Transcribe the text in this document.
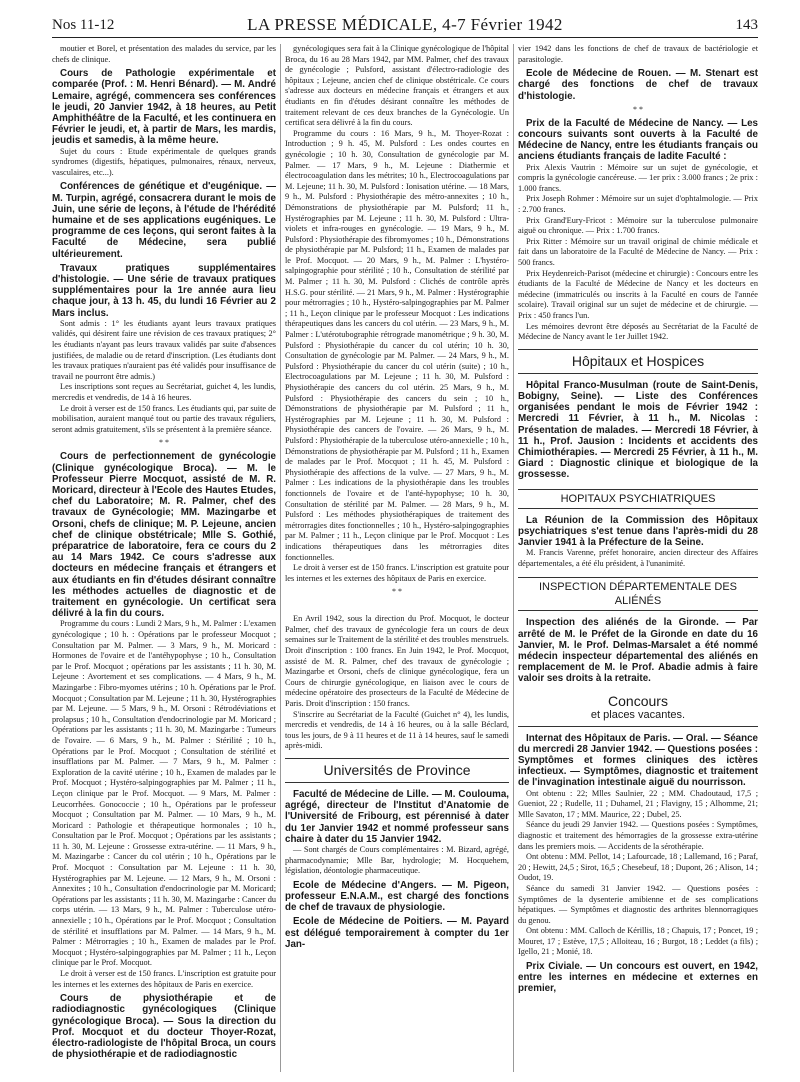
Nos 11-12	LA PRESSE MÉDICALE, 4-7 Février 1942	143

moutier et Borel, et présentation des malades du service, par les chefs de clinique.

Cours de Pathologie expérimentale et comparée (Prof. : M. Henri Bénard). — M. André Lemaire, agrégé, commencera ses conférences le jeudi, 20 Janvier 1942, à 18 heures, au Petit Amphithéâtre de la Faculté, et les continuera en Février le jeudi, et, à partir de Mars, les mardis, jeudis et samedis, à la même heure.

Sujet du cours : Etude expérimentale de quelques grands syndromes (digestifs, hépatiques, pulmonaires, rénaux, nerveux, vasculaires, etc...).

Conférences de génétique et d'eugénique. — M. Turpin, agrégé, consacrera durant le mois de Juin, une série de leçons, à l'étude de l'hérédité humaine et de ses applications eugéniques. Le programme de ces leçons, qui seront faites à la Faculté de Médecine, sera publié ultérieurement.

Travaux pratiques supplémentaires d'histologie. — Une série de travaux pratiques supplémentaires pour la 1re année aura lieu chaque jour, à 13 h. 45, du lundi 16 Février au 2 Mars inclus.

Sont admis : 1° les étudiants ayant leurs travaux pratiques validés, qui désirent faire une révision de ces travaux pratiques; 2° les étudiants n'ayant pas leurs travaux validés par suite d'absences justifiées, de maladie ou de retard d'inscription. (Les étudiants dont les travaux pratiques n'auraient pas été validés pour insuffisance de travail ne pourront être admis.)

Les inscriptions sont reçues au Secrétariat, guichet 4, les lundis, mercredis et vendredis, de 14 à 16 heures.

Le droit à verser est de 150 francs. Les étudiants qui, par suite de mobilisation, auraient manqué tout ou partie des travaux réguliers, seront admis gratuitement, s'ils se présentent à la première séance.

* *

Cours de perfectionnement de gynécologie (Clinique gynécologique Broca). — M. le Professeur Pierre Mocquot, assisté de M. R. Moricard, directeur à l'Ecole des Hautes Etudes, chef du Laboratoire; M. R. Palmer, chef des travaux de Gynécologie; MM. Mazingarbe et Orsoni, chefs de clinique; M. P. Lejeune, ancien chef de clinique obstétricale; Mlle S. Gothié, préparatrice de laboratoire, fera ce cours du 2 au 14 Mars 1942. Ce cours s'adresse aux docteurs en médecine français et étrangers et aux étudiants en fin d'études désirant connaître les méthodes actuelles de diagnostic et de traitement en gynécologie. Un certificat sera délivré à la fin du cours.

Programme du cours : Lundi 2 Mars, 9 h., M. Palmer : L'examen gynécologique ; 10 h. : Opérations par le professeur Mocquot ; Consultation par M. Palmer. — 3 Mars, 9 h., M. Moricard : Hormones de l'ovaire et de l'antéhypophyse ; 10 h., Consultation par le Prof. Mocquot ; opérations par les assistants ; 11 h. 30, M. Lejeune : Avortement et ses complications. — 4 Mars, 9 h., M. Mazingarbe : Fibro-myomes utérins ; 10 h. Opérations par le Prof. Mocquot ; Consultation par M. Lejeune ; 11 h. 30, Hystérographies par M. Lejeune. — 5 Mars, 9 h., M. Orsoni : Rétrodéviations et prolapsus ; 10 h., Consultation d'endocrinologie par M. Moricard ; Opérations par les assistants ; 11 h. 30, M. Mazingarbe : Tumeurs de l'ovaire. — 6 Mars, 9 h., M. Palmer : Stérilité ; 10 h., Opérations par le Prof. Mocquot ; Consultation de stérilité et insufflations par M. Palmer. — 7 Mars, 9 h., M. Palmer : Exploration de la cavité utérine ; 10 h., Examen de malades par le Prof. Mocquot ; Hystéro-salpingographies par M. Palmer ; 11 h., Leçon clinique par le Prof. Mocquot. — 9 Mars, M. Palmer : Leucorrhées. Gonococcie ; 10 h., Opérations par le professeur Mocquot ; Consultation par M. Palmer. — 10 Mars, 9 h., M. Moricard : Pathologie et thérapeutique hormonales ; 10 h., Consultation par le Prof. Mocquot ; Opérations par les assistants ; 11 h. 30, M. Lejeune : Grossesse extra-utérine. — 11 Mars, 9 h., M. Mazingarbe : Cancer du col utérin ; 10 h., Opérations par le Prof. Mocquot : Consultation par M. Lejeune : 11 h. 30, Hystérographies par M. Lejeune. — 12 Mars, 9 h., M. Orsoni : Annexites ; 10 h., Consultation d'endocrinologie par M. Moricard; Opérations par les assistants ; 11 h. 30, M. Mazingarbe : Cancer du corps utérin. — 13 Mars, 9 h., M. Palmer : Tuberculose utéro-annexielle ; 10 h., Opérations par le Prof. Mocquot ; Consultation de stérilité et insufflations par M. Palmer. — 14 Mars, 9 h., M. Palmer : Métrorragies ; 10 h., Examen de malades par le Prof. Mocquot ; Hystéro-salpingographies par M. Palmer ; 11 h., Leçon clinique par le Prof. Mocquot.

Le droit à verser est de 150 francs. L'inscription est gratuite pour les internes et les externes des hôpitaux de Paris en exercice.

Cours de physiothérapie et de radiodiagnostic gynécologiques (Clinique gynécologique Broca). — Sous la direction du Prof. Mocquot et du docteur Thoyer-Rozat, électro-radiologiste de l'hôpital Broca, un cours de physiothérapie et de radiodiagnostic

gynécologiques sera fait à la Clinique gynécologique de l'hôpital Broca, du 16 au 28 Mars 1942, par MM. Palmer, chef des travaux de gynécologie ; Pulsford, assistant d'électro-radiologie des hôpitaux ; Lejeune, ancien chef de clinique obstétricale. Ce cours s'adresse aux docteurs en médecine français et étrangers et aux étudiants en fin d'études désirant connaître les méthodes de traitement relevant de ces deux branches de la Gynécologie. Un certificat sera délivré à la fin du cours.

Programme du cours : 16 Mars, 9 h., M. Thoyer-Rozat : Introduction ; 9 h. 45, M. Pulsford : Les ondes courtes en gynécologie ; 10 h. 30, Consultation de gynécologie par M. Palmer. — 17 Mars, 9 h., M. Lejeune : Diathermie et électrocoagulation dans les métrites; 10 h., Electrocoagulations par M. Lejeune; 11 h. 30, M. Pulsford : Ionisation utérine. — 18 Mars, 9 h., M. Pulsford : Physiothérapie des métro-annexites ; 10 h., Démonstrations de physiothérapie par M. Pulsford; 11 h., Hystérographies par M. Lejeune ; 11 h. 30, M. Pulsford : Ultra-violets et infra-rouges en gynécologie. — 19 Mars, 9 h., M. Pulsford : Physiothérapie des fibromyomes ; 10 h., Démonstrations de physiothérapie par M. Pulsford; 11 h., Examen de malades par le Prof. Mocquot. — 20 Mars, 9 h., M. Palmer : L'hystéro-salpingographie pour stérilité ; 10 h., Consultation de stérilité par M. Palmer ; 11 h. 30, M. Pulsford : Clichés de contrôle après H.S.G. pour stérilité. — 21 Mars, 9 h., M. Palmer : Hystérographie pour métrorragies ; 10 h., Hystéro-salpingographies par M. Palmer ; 11 h., Leçon clinique par le professeur Mocquot : Les indications thérapeutiques dans les cancers du col utérin. — 23 Mars, 9 h., M. Palmer : L'utérotubographie rétrograde manométrique ; 9 h. 30, M. Pulsford : Physiothérapie du cancer du col utérin; 10 h. 30, Consultation de gynécologie par M. Palmer. — 24 Mars, 9 h., M. Pulsford : Physiothérapie du cancer du col utérin (suite) ; 10 h., Electrocoagulations par M. Lejeune ; 11 h. 30, M. Pulsford : Physiothérapie des cancers du col utérin. 25 Mars, 9 h., M. Pulsford : Physiothérapie des cancers du sein ; 10 h., Démonstrations de physiothérapie par M. Pulsford ; 11 h., Hystérographies par M. Lejeune ; 11 h. 30, M. Pulsford : Physiothérapie des cancers de l'ovaire. — 26 Mars, 9 h., M. Pulsford : Physiothérapie de la tuberculose utéro-annexielle ; 10 h., Démonstrations de physiothérapie par M. Pulsford ; 11 h., Examen de malades par le Prof. Mocquot ; 11 h. 45, M. Pulsford : Physiothérapie des affections de la vulve. — 27 Mars, 9 h., M. Palmer : Les indications de la physiothérapie dans les troubles fonctionnels de l'ovaire et de l'anté-hypophyse; 10 h. 30, Consultation de stérilité par M. Palmer. — 28 Mars, 9 h., M. Pulsford : Les méthodes physiothérapiques de traitement des métrorragies dites fonctionnelles ; 10 h., Hystéro-salpingographies par M. Palmer ; 11 h., Leçon clinique par le Prof. Mocquot : Les indications thérapeutiques dans les métrorragies dites fonctionnelles.

Le droit à verser est de 150 francs. L'inscription est gratuite pour les internes et les externes des hôpitaux de Paris en exercice.

* *

En Avril 1942, sous la direction du Prof. Mocquot, le docteur Palmer, chef des travaux de gynécologie fera un cours de deux semaines sur le Traitement de la stérilité et des troubles menstruels. Droit d'inscription : 100 francs. En Juin 1942, le Prof. Mocquot, assisté de M. R. Palmer, chef des travaux de gynécologie ; Mazingarbe et Orsoni, chefs de clinique gynécologique, fera un Cours de chirurgie gynécologique, en liaison avec le cours de médecine opératoire des prosecteurs de la Faculté de Médecine de Paris. Droit d'inscription : 150 francs.

S'inscrire au Secrétariat de la Faculté (Guichet n° 4), les lundis, mercredis et vendredis, de 14 à 16 heures, ou à la salle Béclard, tous les jours, de 9 à 11 heures et de 11 à 14 heures, sauf le samedi après-midi.

Universités de Province

Faculté de Médecine de Lille. — M. Coulouma, agrégé, directeur de l'Institut d'Anatomie de l'Université de Fribourg, est pérennisé à dater du 1er Janvier 1942 et nommé professeur sans chaire à dater du 15 Janvier 1942.

— Sont chargés de Cours complémentaires : M. Bizard, agrégé, pharmacodynamie; Mlle Bar, hydrologie; M. Hocquehem, législation, déontologie pharmaceutique.

Ecole de Médecine d'Angers. — M. Pigeon, professeur E.N.A.M., est chargé des fonctions de chef de travaux de physiologie.

Ecole de Médecine de Poitiers. — M. Payard est délégué temporairement à compter du 1er Jan-

vier 1942 dans les fonctions de chef de travaux de bactériologie et parasitologie.

Ecole de Médecine de Rouen. — M. Stenart est chargé des fonctions de chef de travaux d'histologie.

* *

Prix de la Faculté de Médecine de Nancy. — Les concours suivants sont ouverts à la Faculté de Médecine de Nancy, entre les étudiants français ou anciens étudiants français de ladite Faculté :

Prix Alexis Vautrin : Mémoire sur un sujet de gynécologie, et compris la gynécologie cancéreuse. — 1er prix : 3.000 francs ; 2e prix : 1.000 francs.

Prix Joseph Rohmer : Mémoire sur un sujet d'ophtalmologie. — Prix : 2.700 francs.

Prix Grand'Eury-Fricot : Mémoire sur la tuberculose pulmonaire aiguë ou chronique. — Prix : 1.700 francs.

Prix Ritter : Mémoire sur un travail original de chimie médicale et fait dans un laboratoire de la Faculté de Médecine de Nancy. — Prix : 500 francs.

Prix Heydenreich-Parisot (médecine et chirurgie) : Concours entre les étudiants de la Faculté de Médecine de Nancy et les docteurs en médecine (immatriculés ou inscrits à la Faculté en cours de l'année scolaire). Travail original sur un sujet de médecine et de chirurgie. — Prix : 450 francs l'un.

Les mémoires devront être déposés au Secrétariat de la Faculté de Médecine de Nancy avant le 1er Juillet 1942.

Hôpitaux et Hospices

Hôpital Franco-Musulman (route de Saint-Denis, Bobigny, Seine). — Liste des Conférences organisées pendant le mois de Février 1942 : Mercredi 11 Février, à 11 h., M. Nicolas : Présentation de malades. — Mercredi 18 Février, à 11 h., Prof. Jausion : Incidents et accidents des Chimiothérapies. — Mercredi 25 Février, à 11 h., M. Giard : Diagnostic clinique et biologique de la grossesse.

HOPITAUX PSYCHIATRIQUES

La Réunion de la Commission des Hôpitaux psychiatriques s'est tenue dans l'après-midi du 28 Janvier 1941 à la Préfecture de la Seine.

M. Francis Varenne, préfet honoraire, ancien directeur des Affaires départementales, a été élu président, à l'unanimité.

INSPECTION DÉPARTEMENTALE DES ALIÉNÉS

Inspection des aliénés de la Gironde. — Par arrêté de M. le Préfet de la Gironde en date du 16 Janvier, M. le Prof. Delmas-Marsalet a été nommé médecin inspecteur départemental des aliénés en remplacement de M. le Prof. Abadie admis à faire valoir ses droits à la retraite.

Concours
et places vacantes.

Internat des Hôpitaux de Paris. — Oral. — Séance du mercredi 28 Janvier 1942. — Questions posées : Symptômes et formes cliniques des ictères infectieux. — Symptômes, diagnostic et traitement de l'invagination intestinale aiguë du nourrisson.

Ont obtenu : 22; Mlles Saulnier, 22 ; MM. Chadoutaud, 17,5 ; Gueniot, 22 ; Rudelle, 11 ; Duhamel, 21 ; Flavigny, 15 ; Alhomme, 21; Mlle Savaton, 17 ; MM. Maurice, 22 ; Dubel, 25.

Séance du jeudi 29 Janvier 1942. — Questions posées : Symptômes, diagnostic et traitement des hémorragies de la grossesse extra-utérine dans les premiers mois. — Accidents de la sérothérapie.

Ont obtenu : MM. Pellot, 14 ; Lafourcade, 18 ; Lallemand, 16 ; Paraf, 20 ; Hewitt, 24,5 ; Sirot, 16,5 ; Chesebeuf, 18 ; Dupont, 26 ; Alison, 14 ; Oudot, 19.

Séance du samedi 31 Janvier 1942. — Questions posées : Symptômes de la dysenterie amibienne et de ses complications hépatiques. — Symptômes et diagnostic des arthrites blennorragiques du genou.

Ont obtenu : MM. Calloch de Kérillis, 18 ; Chapuis, 17 ; Poncet, 19 ; Mouret, 17 ; Estève, 17,5 ; Alloiteau, 16 ; Burgot, 18 ; Leddet (a fils) ; Igello, 21 ; Monié, 18.

Prix Civiale. — Un concours est ouvert, en 1942, entre les internes en médecine et externes en premier,
